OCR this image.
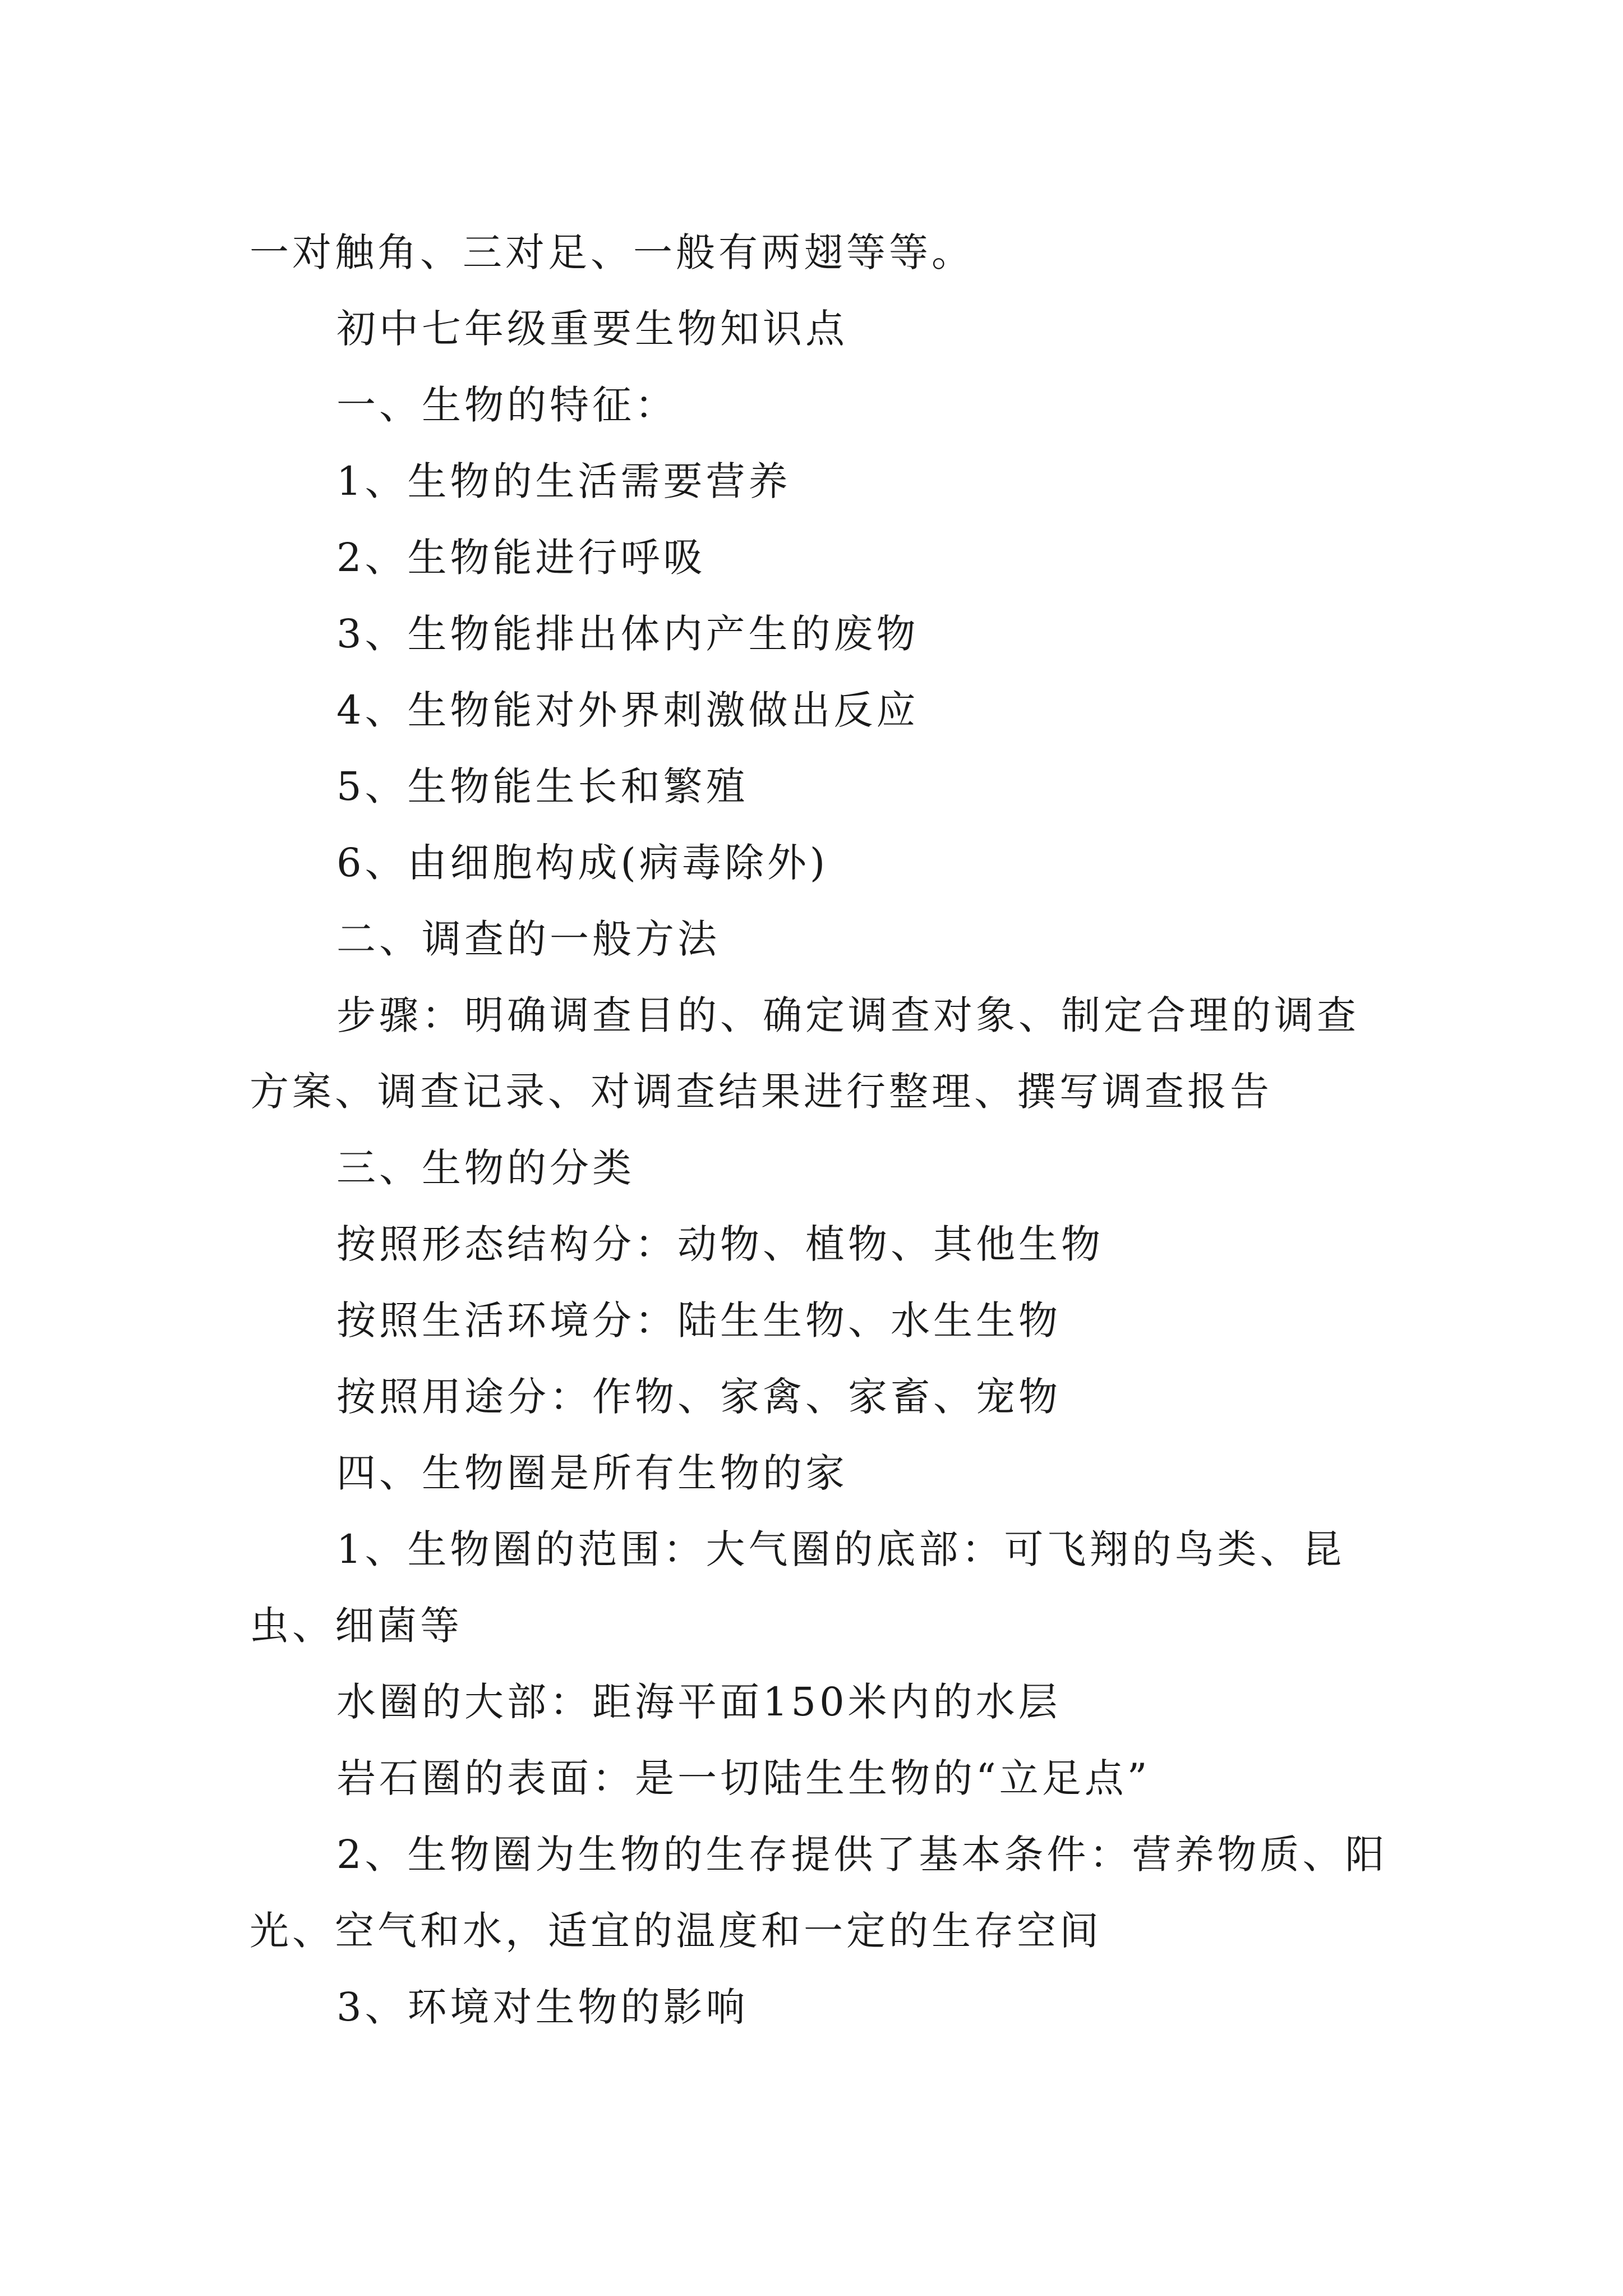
一对触角、三对足、一般有两翅等等。

初中七年级重要生物知识点

一、生物的特征：

1、生物的生活需要营养

2、生物能进行呼吸

3、生物能排出体内产生的废物

4、生物能对外界刺激做出反应

5、生物能生长和繁殖

6、由细胞构成(病毒除外)

二、调查的一般方法

步骤：明确调查目的、确定调查对象、制定合理的调查方案、调查记录、对调查结果进行整理、撰写调查报告

三、生物的分类

按照形态结构分：动物、植物、其他生物

按照生活环境分：陆生生物、水生生物

按照用途分：作物、家禽、家畜、宠物

四、生物圈是所有生物的家

1、生物圈的范围：大气圈的底部：可飞翔的鸟类、昆虫、细菌等

水圈的大部：距海平面150米内的水层

岩石圈的表面：是一切陆生生物的“立足点”

2、生物圈为生物的生存提供了基本条件：营养物质、阳光、空气和水，适宜的温度和一定的生存空间

3、环境对生物的影响
